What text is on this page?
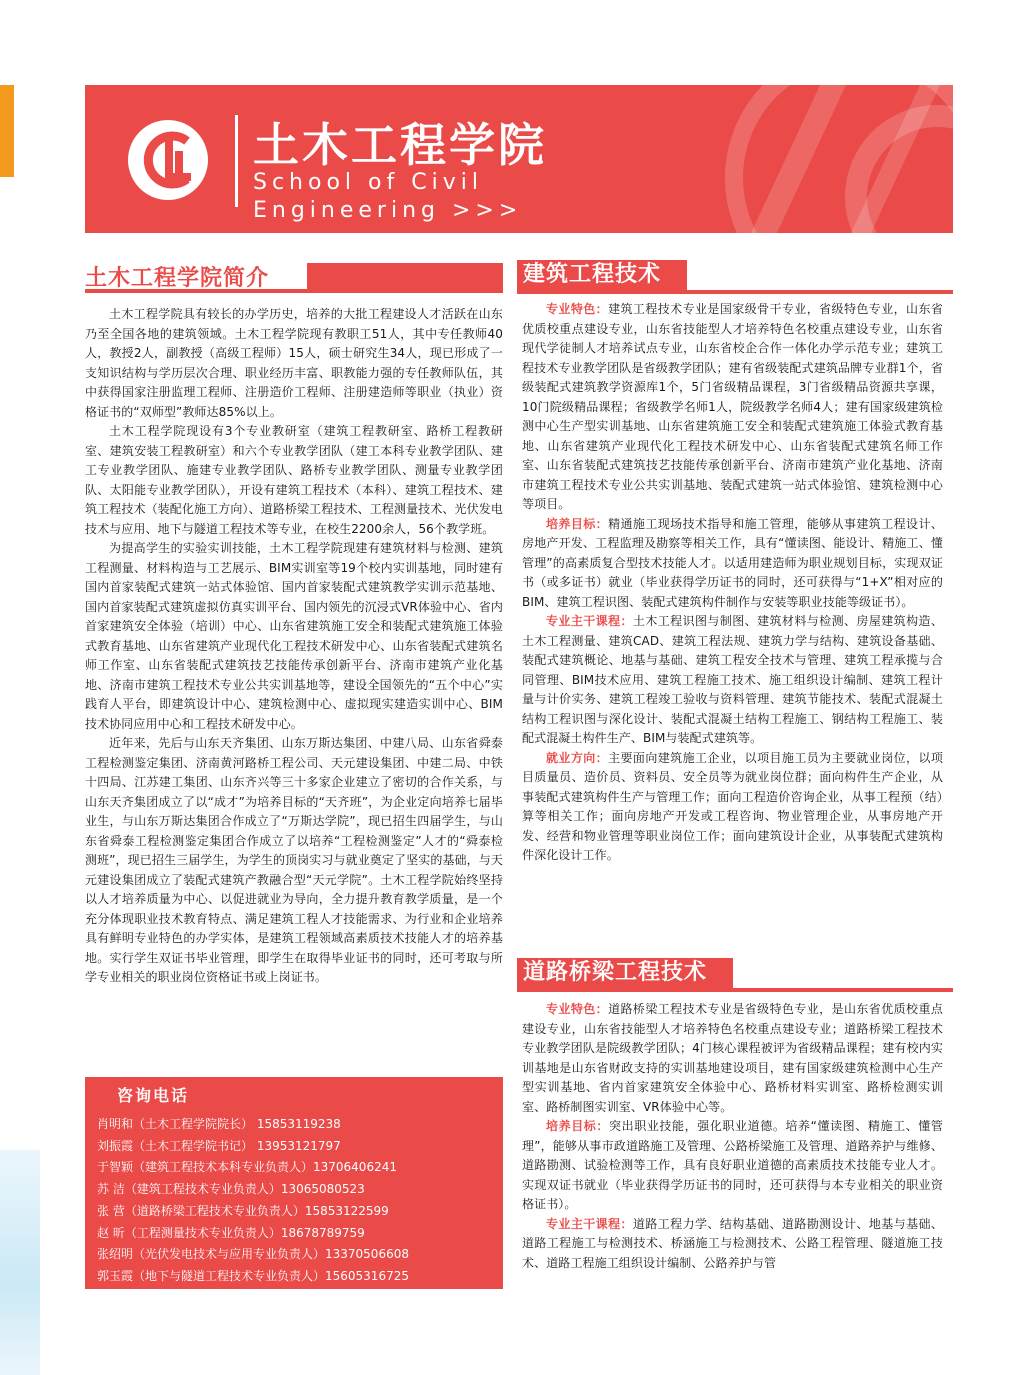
土木工程学院
School of Civil Engineering >>>
土木工程学院简介

土木工程学院具有较长的办学历史，培养的大批工程建设人才活跃在山东乃至全国各地的建筑领域。土木工程学院现有教职工51人，其中专任教师40人，教授2人，副教授（高级工程师）15人，硕士研究生34人，现已形成了一支知识结构与学历层次合理、职业经历丰富、职教能力强的专任教师队伍，其中获得国家注册监理工程师、注册造价工程师、注册建造师等职业（执业）资格证书的“双师型”教师达85%以上。

土木工程学院现设有3个专业教研室（建筑工程教研室、路桥工程教研室、建筑安装工程教研室）和六个专业教学团队（建工本科专业教学团队、建工专业教学团队、施建专业教学团队、路桥专业教学团队、测量专业教学团队、太阳能专业教学团队），开设有建筑工程技术（本科）、建筑工程技术、建筑工程技术（装配化施工方向）、道路桥梁工程技术、工程测量技术、光伏发电技术与应用、地下与隧道工程技术等专业，在校生2200余人，56个教学班。

为提高学生的实验实训技能，土木工程学院现建有建筑材料与检测、建筑工程测量、材料构造与工艺展示、BIM实训室等19个校内实训基地，同时建有国内首家装配式建筑一站式体验馆、国内首家装配式建筑教学实训示范基地、国内首家装配式建筑虚拟仿真实训平台、国内领先的沉浸式VR体验中心、省内首家建筑安全体验（培训）中心、山东省建筑施工安全和装配式建筑施工体验式教育基地、山东省建筑产业现代化工程技术研发中心、山东省装配式建筑名师工作室、山东省装配式建筑技艺技能传承创新平台、济南市建筑产业化基地、济南市建筑工程技术专业公共实训基地等，建设全国领先的“五个中心”实践育人平台，即建筑设计中心、建筑检测中心、虚拟现实建造实训中心、BIM技术协同应用中心和工程技术研发中心。

近年来，先后与山东天齐集团、山东万斯达集团、中建八局、山东省舜泰工程检测鉴定集团、济南黄河路桥工程公司、天元建设集团、中建二局、中铁十四局、江苏建工集团、山东齐兴等三十多家企业建立了密切的合作关系，与山东天齐集团成立了以“成才”为培养目标的“天齐班”，为企业定向培养七届毕业生，与山东万斯达集团合作成立了“万斯达学院”，现已招生四届学生，与山东省舜泰工程检测鉴定集团合作成立了以培养“工程检测鉴定”人才的“舜泰检测班”，现已招生三届学生，为学生的顶岗实习与就业奠定了坚实的基础，与天元建设集团成立了装配式建筑产教融合型“天元学院”。土木工程学院始终坚持以人才培养质量为中心、以促进就业为导向，全力提升教育教学质量，是一个充分体现职业技术教育特点、满足建筑工程人才技能需求、为行业和企业培养具有鲜明专业特色的办学实体，是建筑工程领域高素质技术技能人才的培养基地。实行学生双证书毕业管理，即学生在取得毕业证书的同时，还可考取与所学专业相关的职业岗位资格证书或上岗证书。

咨询电话
肖明和（土木工程学院院长） 15853119238
刘振霞（土木工程学院书记） 13953121797
于智颖（建筑工程技术本科专业负责人）13706406241
苏 洁（建筑工程技术专业负责人）13065080523
张 营（道路桥梁工程技术专业负责人）15853122599
赵 昕（工程测量技术专业负责人）18678789759
张绍明（光伏发电技术与应用专业负责人）13370506608
郭玉霞（地下与隧道工程技术专业负责人）15605316725
建筑工程技术

专业特色：建筑工程技术专业是国家级骨干专业，省级特色专业，山东省优质校重点建设专业，山东省技能型人才培养特色名校重点建设专业，山东省现代学徒制人才培养试点专业，山东省校企合作一体化办学示范专业；建筑工程技术专业教学团队是省级教学团队；建有省级装配式建筑品牌专业群1个，省级装配式建筑教学资源库1个，5门省级精品课程，3门省级精品资源共享课，10门院级精品课程；省级教学名师1人，院级教学名师4人；建有国家级建筑检测中心生产型实训基地、山东省建筑施工安全和装配式建筑施工体验式教育基地、山东省建筑产业现代化工程技术研发中心、山东省装配式建筑名师工作室、山东省装配式建筑技艺技能传承创新平台、济南市建筑产业化基地、济南市建筑工程技术专业公共实训基地、装配式建筑一站式体验馆、建筑检测中心等项目。

培养目标：精通施工现场技术指导和施工管理，能够从事建筑工程设计、房地产开发、工程监理及勘察等相关工作，具有“懂读图、能设计、精施工、懂管理”的高素质复合型技术技能人才。以适用建造师为职业规划目标，实现双证书（或多证书）就业（毕业获得学历证书的同时，还可获得与“1+X”相对应的BIM、建筑工程识图、装配式建筑构件制作与安装等职业技能等级证书）。

专业主干课程：土木工程识图与制图、建筑材料与检测、房屋建筑构造、土木工程测量、建筑CAD、建筑工程法规、建筑力学与结构、建筑设备基础、装配式建筑概论、地基与基础、建筑工程安全技术与管理、建筑工程承揽与合同管理、BIM技术应用、建筑工程施工技术、施工组织设计编制、建筑工程计量与计价实务、建筑工程竣工验收与资料管理、建筑节能技术、装配式混凝土结构工程识图与深化设计、装配式混凝土结构工程施工、钢结构工程施工、装配式混凝土构件生产、BIM与装配式建筑等。

就业方向：主要面向建筑施工企业，以项目施工员为主要就业岗位，以项目质量员、造价员、资料员、安全员等为就业岗位群；面向构件生产企业，从事装配式建筑构件生产与管理工作；面向工程造价咨询企业，从事工程预（结）算等相关工作；面向房地产开发或工程咨询、物业管理企业，从事房地产开发、经营和物业管理等职业岗位工作；面向建筑设计企业，从事装配式建筑构件深化设计工作。

道路桥梁工程技术

专业特色：道路桥梁工程技术专业是省级特色专业，是山东省优质校重点建设专业，山东省技能型人才培养特色名校重点建设专业；道路桥梁工程技术专业教学团队是院级教学团队；4门核心课程被评为省级精品课程；建有校内实训基地是山东省财政支持的实训基地建设项目，建有国家级建筑检测中心生产型实训基地、省内首家建筑安全体验中心、路桥材料实训室、路桥检测实训室、路桥制图实训室、VR体验中心等。

培养目标：突出职业技能，强化职业道德。培养“懂读图、精施工、懂管理”，能够从事市政道路施工及管理、公路桥梁施工及管理、道路养护与维修、道路勘测、试验检测等工作，具有良好职业道德的高素质技术技能专业人才。实现双证书就业（毕业获得学历证书的同时，还可获得与本专业相关的职业资格证书）。

专业主干课程：道路工程力学、结构基础、道路勘测设计、地基与基础、道路工程施工与检测技术、桥涵施工与检测技术、公路工程管理、隧道施工技术、道路工程施工组织设计编制、公路养护与管
